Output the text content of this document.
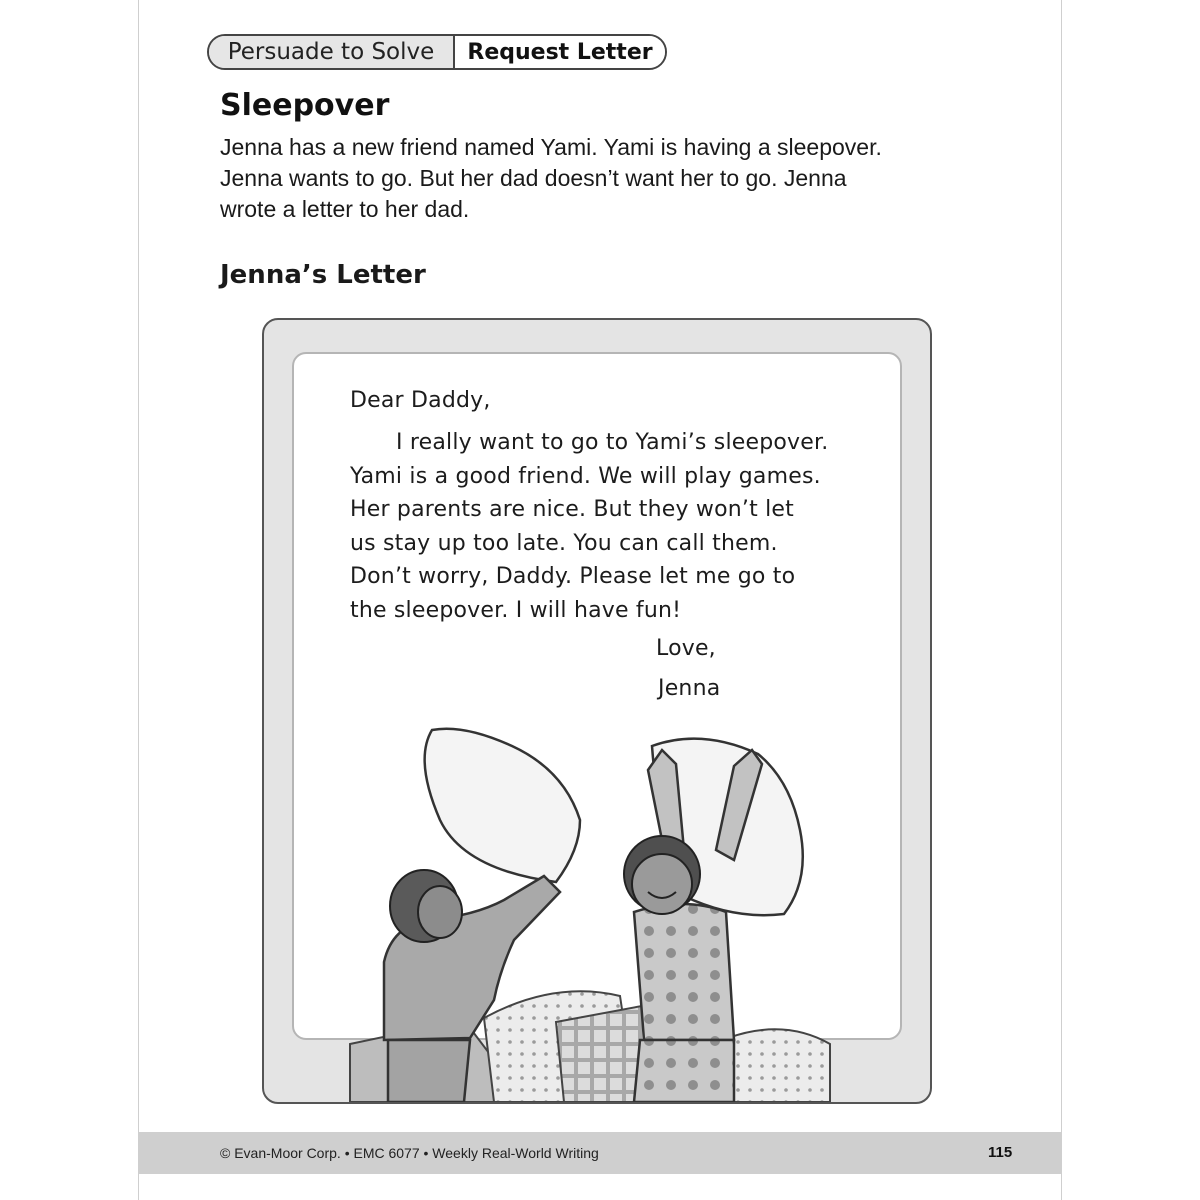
Persuade to Solve	Request Letter
Sleepover
Jenna has a new friend named Yami. Yami is having a sleepover.
Jenna wants to go. But her dad doesn’t want her to go. Jenna
wrote a letter to her dad.
Jenna’s Letter
Dear Daddy,
I really want to go to Yami’s sleepover.
Yami is a good friend. We will play games.
Her parents are nice. But they won’t let
us stay up too late. You can call them.
Don’t worry, Daddy. Please let me go to
the sleepover. I will have fun!
Love,
Jenna
© Evan-Moor Corp. • EMC 6077 • Weekly Real-World Writing	115
